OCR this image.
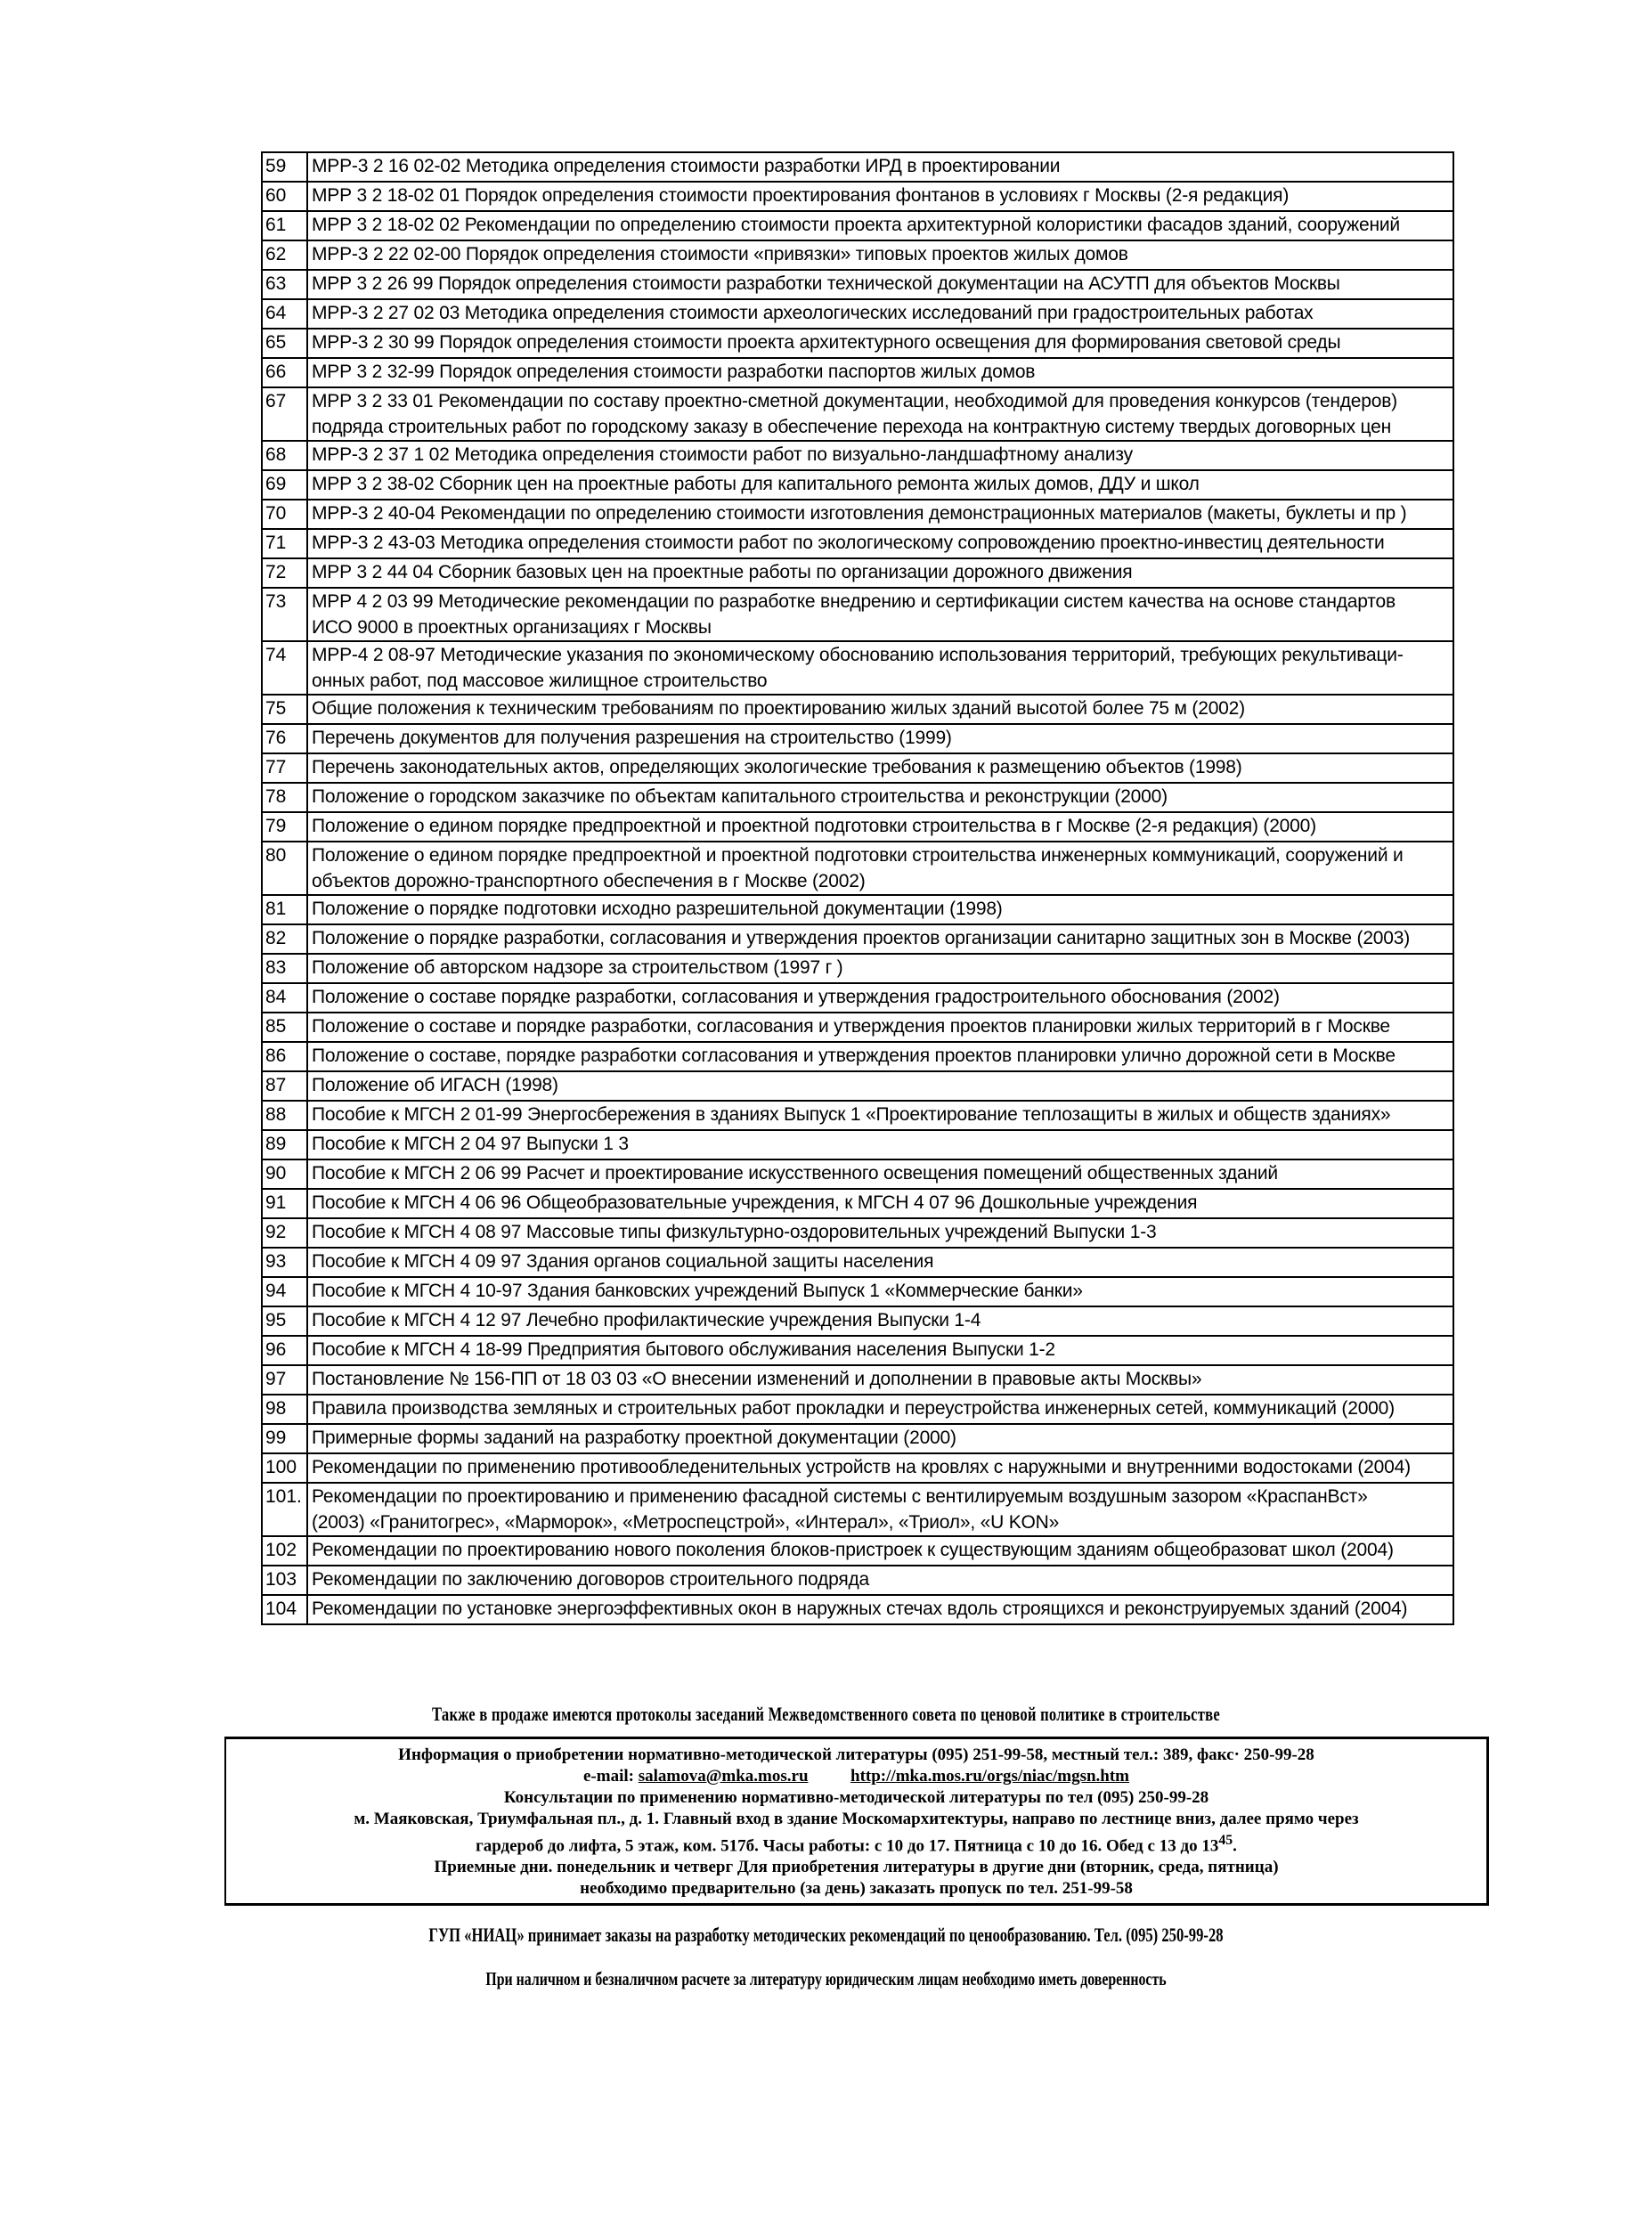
59	МРР-3 2 16 02-02 Методика определения стоимости разработки ИРД в проектировании

60	МРР 3 2 18-02 01 Порядок определения стоимости проектирования фонтанов в условиях г Москвы (2-я редакция)

61	МРР 3 2 18-02 02 Рекомендации по определению стоимости проекта архитектурной колористики фасадов зданий, сооружений

62	МРР-3 2 22 02-00 Порядок определения стоимости «привязки» типовых проектов жилых домов

63	МРР 3 2 26 99 Порядок определения стоимости разработки технической документации на АСУТП для объектов Москвы

64	МРР-3 2 27 02 03 Методика определения стоимости археологических исследований при градостроительных работах

65	МРР-3 2 30 99 Порядок определения стоимости проекта архитектурного освещения для формирования световой среды

66	МРР 3 2 32-99 Порядок определения стоимости разработки паспортов жилых домов

67	МРР 3 2 33 01 Рекомендации по составу проектно-сметной документации, необходимой для проведения конкурсов (тендеров)
подряда строительных работ по городскому заказу в обеспечение перехода на контрактную систему твердых договорных цен

68	МРР-3 2 37 1 02 Методика определения стоимости работ по визуально-ландшафтному анализу

69	МРР 3 2 38-02 Сборник цен на проектные работы для капитального ремонта жилых домов, ДДУ и школ

70	МРР-3 2 40-04 Рекомендации по определению стоимости изготовления демонстрационных материалов (макеты, буклеты и пр )

71	МРР-3 2 43-03 Методика определения стоимости работ по экологическому сопровождению проектно-инвестиц деятельности

72	МРР 3 2 44 04 Сборник базовых цен на проектные работы по организации дорожного движения

73	МРР 4 2 03 99 Методические рекомендации по разработке внедрению и сертификации систем качества на основе стандартов
ИСО 9000 в проектных организациях г Москвы

74	МРР-4 2 08-97 Методические указания по экономическому обоснованию использования территорий, требующих рекультиваци-
онных работ, под массовое жилищное строительство

75	Общие положения к техническим требованиям по проектированию жилых зданий высотой более 75 м (2002)

76	Перечень документов для получения разрешения на строительство (1999)

77	Перечень законодательных актов, определяющих экологические требования к размещению объектов (1998)

78	Положение о городском заказчике по объектам капитального строительства и реконструкции (2000)

79	Положение о едином порядке предпроектной и проектной подготовки строительства в г Москве (2-я редакция) (2000)

80	Положение о едином порядке предпроектной и проектной подготовки строительства инженерных коммуникаций, сооружений и
объектов дорожно-транспортного обеспечения в г Москве (2002)

81	Положение о порядке подготовки исходно разрешительной документации (1998)

82	Положение о порядке разработки, согласования и утверждения проектов организации санитарно защитных зон в Москве (2003)

83	Положение об авторском надзоре за строительством (1997 г )

84	Положение о составе порядке разработки, согласования и утверждения градостроительного обоснования (2002)

85	Положение о составе и порядке разработки, согласования и утверждения проектов планировки жилых территорий в г Москве

86	Положение о составе, порядке разработки согласования и утверждения проектов планировки улично дорожной сети в Москве

87	Положение об ИГАСН (1998)

88	Пособие к МГСН 2 01-99 Энергосбережения в зданиях Выпуск 1 «Проектирование теплозащиты в жилых и общеcтв зданиях»

89	Пособие к МГСН 2 04 97 Выпуски 1 3

90	Пособие к МГСН 2 06 99 Расчет и проектирование искусственного освещения помещений общественных зданий

91	Пособие к МГСН 4 06 96 Общеобразовательные учреждения, к МГСН 4 07 96 Дошкольные учреждения

92	Пособие к МГСН 4 08 97 Массовые типы физкультурно-оздоровительных учреждений Выпуски 1-3

93	Пособие к МГСН 4 09 97 Здания органов социальной защиты населения

94	Пособие к МГСН 4 10-97 Здания банковских учреждений Выпуск 1 «Коммерческие банки»

95	Пособие к МГСН 4 12 97 Лечебно профилактические учреждения Выпуски 1-4

96	Пособие к МГСН 4 18-99 Предприятия бытового обслуживания населения Выпуски 1-2

97	Постановление № 156-ПП от 18 03 03 «О внесении изменений и дополнении в правовые акты Москвы»

98	Правила производства земляных и строительных работ прокладки и переустройства инженерных сетей, коммуникаций (2000)

99	Примерные формы заданий на разработку проектной документации (2000)

100	Рекомендации по применению противообледенительных устройств на кровлях с наружными и внутренними водостоками (2004)

101.	Рекомендации по проектированию и применению фасадной системы с вентилируемым воздушным зазором «КраспанВст»
(2003) «Гранитогрес», «Марморок», «Метроспецстрой», «Интерал», «Триол», «U KON»

102	Рекомендации по проектированию нового поколения блоков-пристроек к существующим зданиям общеобразоват школ (2004)

103	Рекомендации по заключению договоров строительного подряда

104	Рекомендации по установке энергоэффективных окон в наружных стечах вдоль строящихся и реконструируемых зданий (2004)
Также в продаже имеются протоколы заседаний Межведомственного совета по ценовой политике в строительстве
Информация о приобретении нормативно-методической литературы (095) 251-99-58, местный тел.: 389, факс· 250-99-28
e-mail: salamova@mka.mos.ru	http://mka.mos.ru/orgs/niac/mgsn.htm
Консультации по применению нормативно-методической литературы по тел (095) 250-99-28
м. Маяковская, Триумфальная пл., д. 1. Главный вход в здание Москомархитектуры, направо по лестнице вниз, далее прямо через
гардероб до лифта, 5 этаж, ком. 517б. Часы работы: с 10 до 17. Пятница с 10 до 16. Обед с 13 до $13^{45}$.
Приемные дни. понедельник и четверг Для приобретения литературы в другие дни (вторник, среда, пятница)
необходимо предварительно (за день) заказать пропуск по тел. 251-99-58
ГУП «НИАЦ» принимает заказы на разработку методических рекомендаций по ценообразованию. Тел. (095) 250-99-28
При наличном и безналичном расчете за литературу юридическим лицам необходимо иметь доверенность
